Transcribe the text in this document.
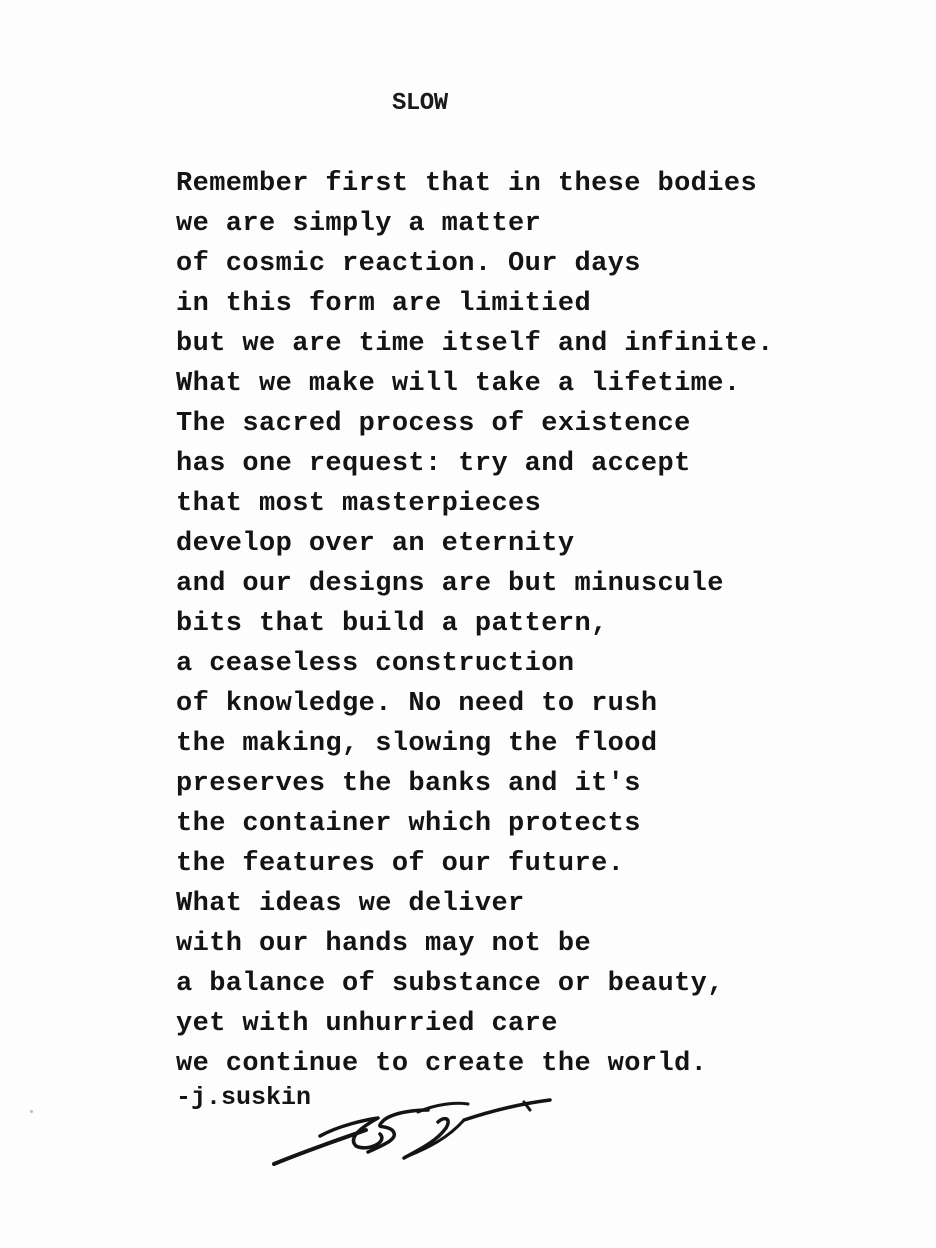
SLOW
Remember first that in these bodies
we are simply a matter
of cosmic reaction. Our days
in this form are limitied
but we are time itself and infinite.
What we make will take a lifetime.
The sacred process of existence
has one request: try and accept
that most masterpieces
develop over an eternity
and our designs are but minuscule
bits that build a pattern,
a ceaseless construction
of knowledge. No need to rush
the making, slowing the flood
preserves the banks and it's
the container which protects
the features of our future.
What ideas we deliver
with our hands may not be
a balance of substance or beauty,
yet with unhurried care
we continue to create the world.

-j.suskin
